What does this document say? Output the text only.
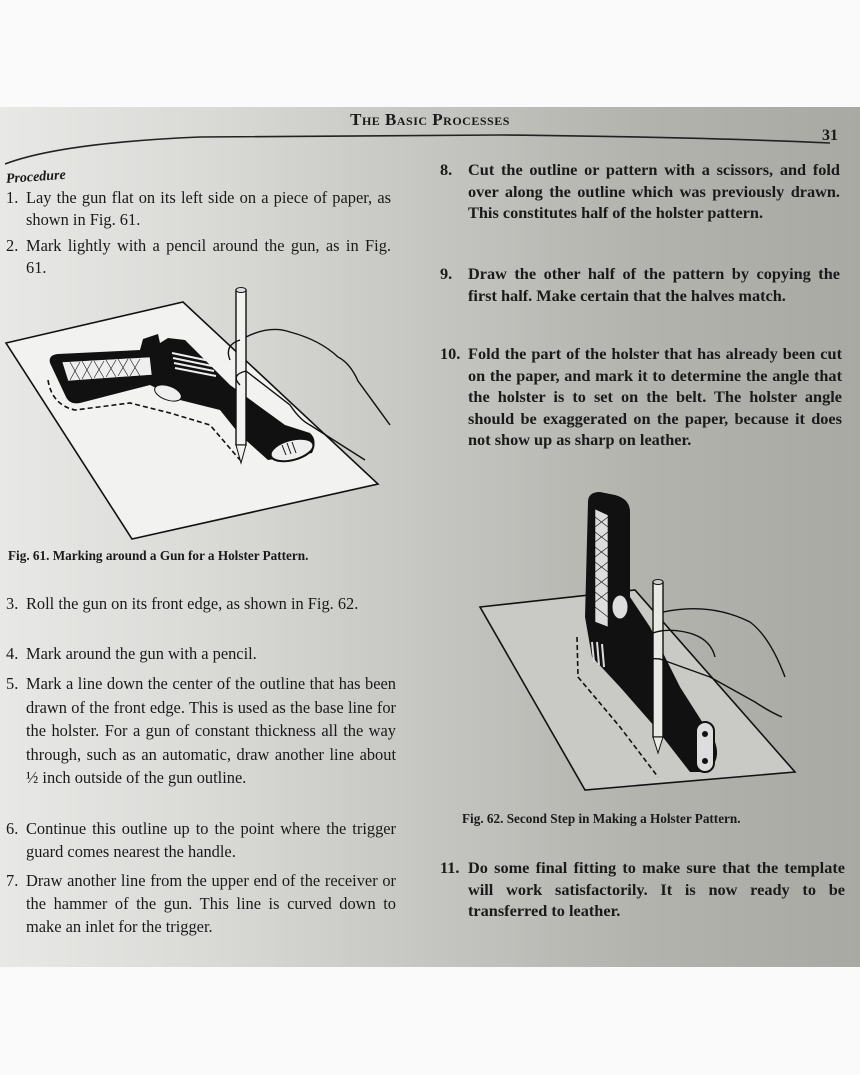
The Basic Processes
31
Procedure
1. Lay the gun flat on its left side on a piece of paper, as shown in Fig. 61.
2. Mark lightly with a pencil around the gun, as in Fig. 61.
Fig. 61. Marking around a Gun for a Holster Pattern.
3. Roll the gun on its front edge, as shown in Fig. 62.
4. Mark around the gun with a pencil.
5. Mark a line down the center of the outline that has been drawn of the front edge. This is used as the base line for the holster. For a gun of constant thickness all the way through, such as an automatic, draw another line about ½ inch outside of the gun outline.
6. Continue this outline up to the point where the trigger guard comes nearest the handle.
7. Draw another line from the upper end of the receiver or the hammer of the gun. This line is curved down to make an inlet for the trigger.
8. Cut the outline or pattern with a scissors, and fold over along the outline which was previously drawn. This constitutes half of the holster pattern.
9. Draw the other half of the pattern by copying the first half. Make certain that the halves match.
10. Fold the part of the holster that has already been cut on the paper, and mark it to determine the angle that the holster is to set on the belt. The holster angle should be exaggerated on the paper, because it does not show up as sharp on leather.
Fig. 62. Second Step in Making a Holster Pattern.
11. Do some final fitting to make sure that the template will work satisfactorily. It is now ready to be transferred to leather.
